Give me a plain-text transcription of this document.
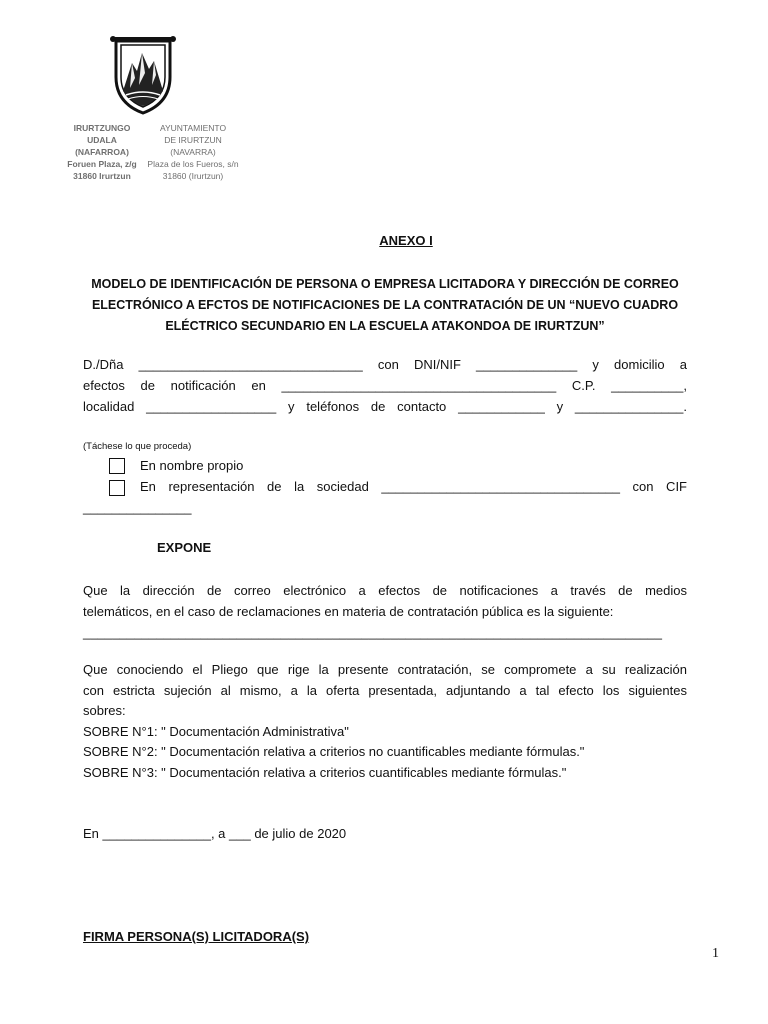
IRURTZUNGO
UDALA
(NAFARROA)
Foruen Plaza, z/g
31860 Irurtzun
AYUNTAMIENTO
DE IRURTZUN
(NAVARRA)
Plaza de los Fueros, s/n
31860 (Irurtzun)
ANEXO I
MODELO DE IDENTIFICACIÓN DE PERSONA O EMPRESA LICITADORA Y DIRECCIÓN DE CORREO
ELECTRÓNICO A EFCTOS DE NOTIFICACIONES DE LA CONTRATACIÓN DE UN “NUEVO CUADRO
ELÉCTRICO SECUNDARIO EN LA ESCUELA ATAKONDOA DE IRURTZUN”
D./Dña _______________________________ con DNI/NIF ______________ y domicilio a
efectos de notificación en ______________________________________ C.P. __________,
localidad __________________ y teléfonos de contacto ____________ y _______________.
(Táchese lo que proceda)
En nombre propio
En representación de la sociedad _________________________________ con CIF
_______________
EXPONE
Que la dirección de correo electrónico a efectos de notificaciones a través de medios
telemáticos, en el caso de reclamaciones en materia de contratación pública es la siguiente:
_______________________________________________________________________________
Que conociendo el Pliego que rige la presente contratación, se compromete a su realización
con estricta sujeción al mismo, a la oferta presentada, adjuntando a tal efecto los siguientes
sobres:
SOBRE N°1: " Documentación Administrativa"
SOBRE N°2: " Documentación relativa a criterios no cuantificables mediante fórmulas."
SOBRE N°3: " Documentación relativa a criterios cuantificables mediante fórmulas."
En _______________, a ___ de julio de 2020
FIRMA PERSONA(S) LICITADORA(S)
1
